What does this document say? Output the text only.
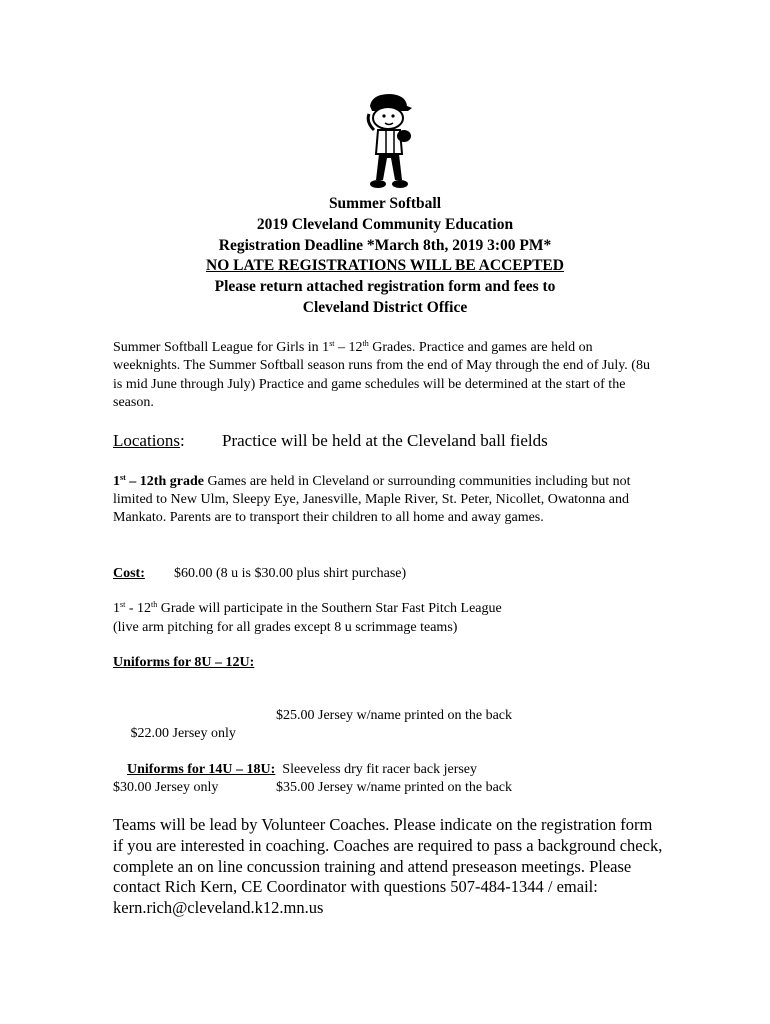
Summer Softball
2019 Cleveland Community Education
Registration Deadline *March 8th, 2019 3:00 PM*
NO LATE REGISTRATIONS WILL BE ACCEPTED
Please return attached registration form and fees to
Cleveland District Office
Summer Softball League for Girls in 1st – 12th Grades. Practice and games are held on weeknights. The Summer Softball season runs from the end of May through the end of July. (8u is mid June through July) Practice and game schedules will be determined at the start of the season.
Locations: Practice will be held at the Cleveland ball fields
1st – 12th grade Games are held in Cleveland or surrounding communities including but not limited to New Ulm, Sleepy Eye, Janesville, Maple River, St. Peter, Nicollet, Owatonna and Mankato. Parents are to transport their children to all home and away games.
Cost: $60.00 (8 u is $30.00 plus shirt purchase)
1st - 12th Grade will participate in the Southern Star Fast Pitch League
(live arm pitching for all grades except 8 u scrimmage teams)
Uniforms for 8U – 12U:

$22.00 Jersey only

$25.00 Jersey w/name printed on the back

Uniforms for 14U – 18U:  Sleeveless dry fit racer back jersey

$30.00 Jersey only	$35.00 Jersey w/name printed on the back
Teams will be lead by Volunteer Coaches. Please indicate on the registration form if you are interested in coaching. Coaches are required to pass a background check, complete an on line concussion training and attend preseason meetings. Please contact Rich Kern, CE Coordinator with questions 507-484-1344 / email: kern.rich@cleveland.k12.mn.us
